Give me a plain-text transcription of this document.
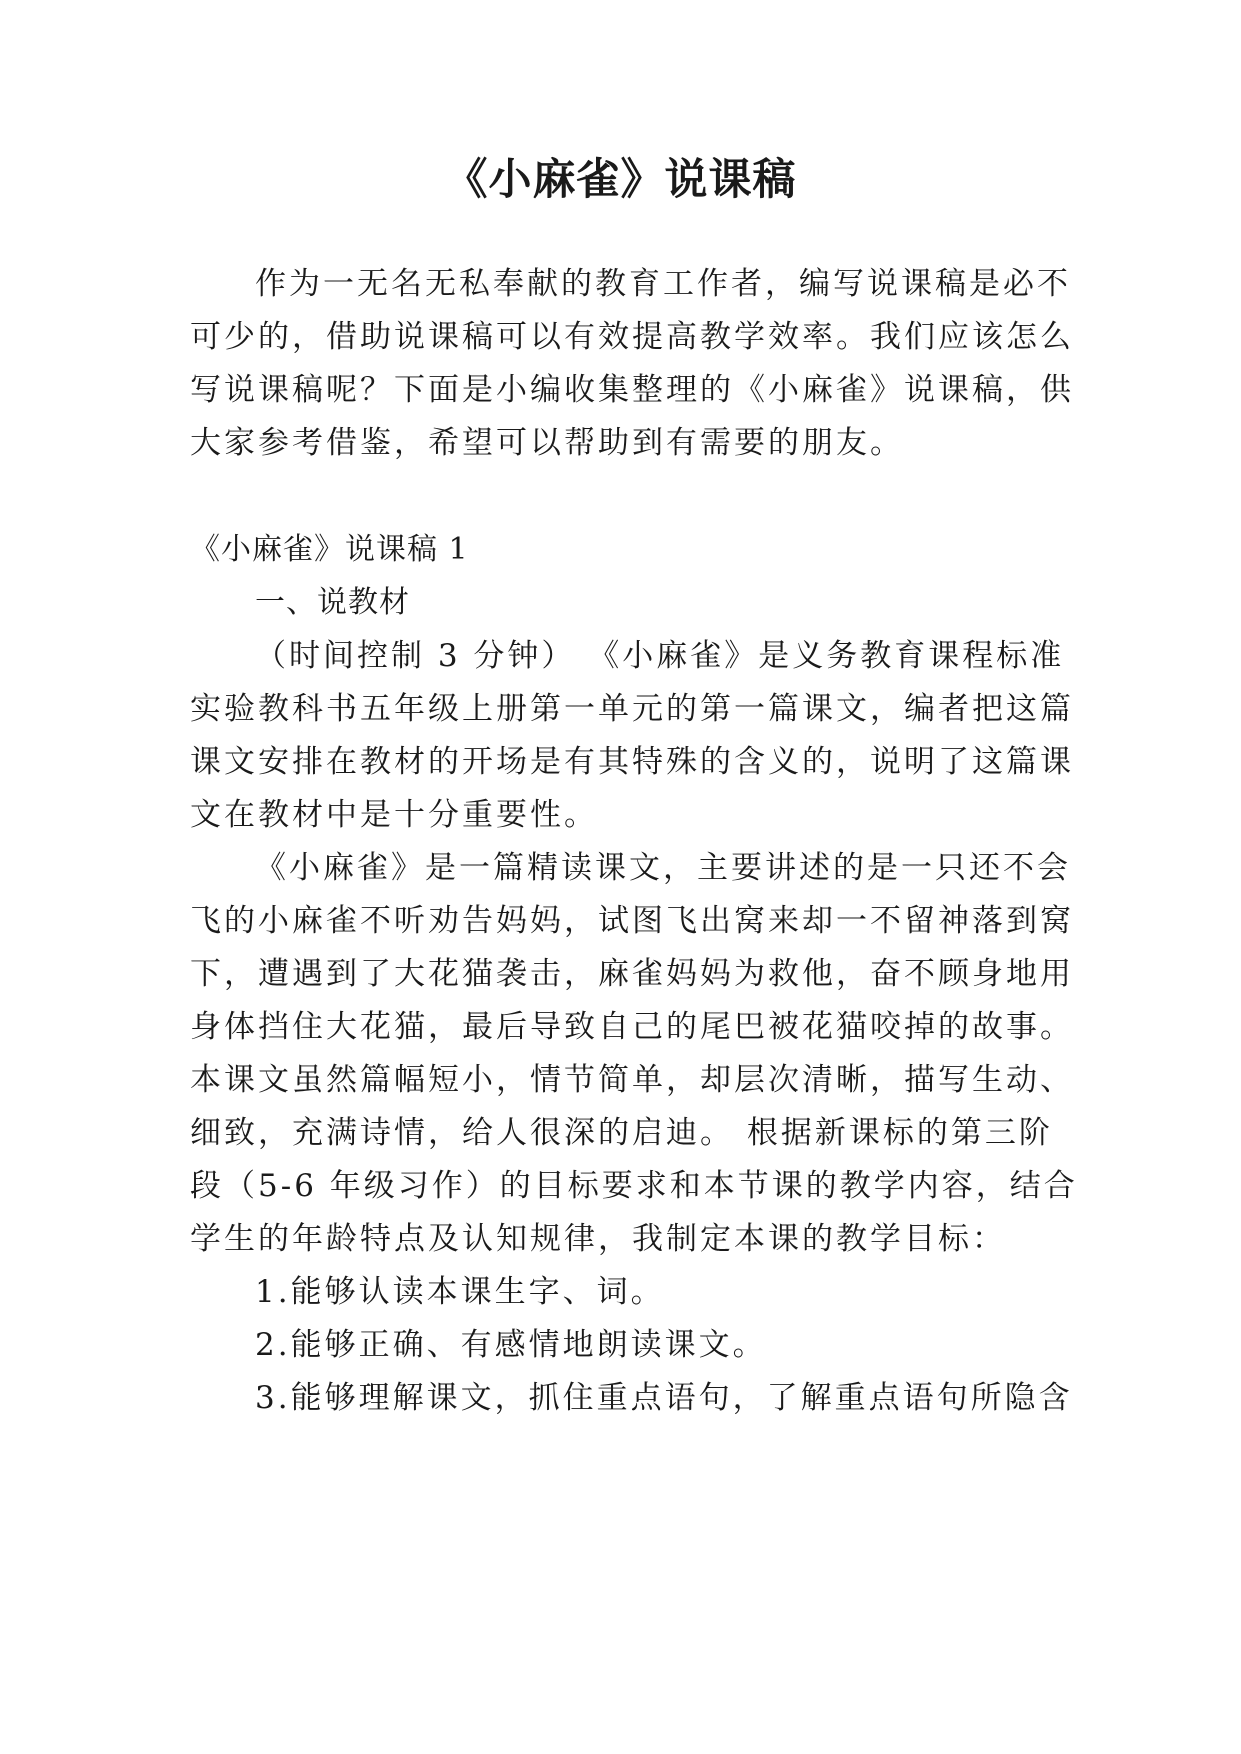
《小麻雀》说课稿
作为一无名无私奉献的教育工作者，编写说课稿是必不
可少的，借助说课稿可以有效提高教学效率。我们应该怎么
写说课稿呢？下面是小编收集整理的《小麻雀》说课稿，供
大家参考借鉴，希望可以帮助到有需要的朋友。
《小麻雀》说课稿 1
一、说教材
（时间控制 3 分钟） 《小麻雀》是义务教育课程标准
实验教科书五年级上册第一单元的第一篇课文，编者把这篇
课文安排在教材的开场是有其特殊的含义的，说明了这篇课
文在教材中是十分重要性。
《小麻雀》是一篇精读课文，主要讲述的是一只还不会
飞的小麻雀不听劝告妈妈，试图飞出窝来却一不留神落到窝
下，遭遇到了大花猫袭击，麻雀妈妈为救他，奋不顾身地用
身体挡住大花猫，最后导致自己的尾巴被花猫咬掉的故事。
本课文虽然篇幅短小，情节简单，却层次清晰，描写生动、
细致，充满诗情，给人很深的启迪。 根据新课标的第三阶
段（5-6 年级习作）的目标要求和本节课的教学内容，结合
学生的年龄特点及认知规律，我制定本课的教学目标：
1.能够认读本课生字、词。
2.能够正确、有感情地朗读课文。
3.能够理解课文，抓住重点语句，了解重点语句所隐含
